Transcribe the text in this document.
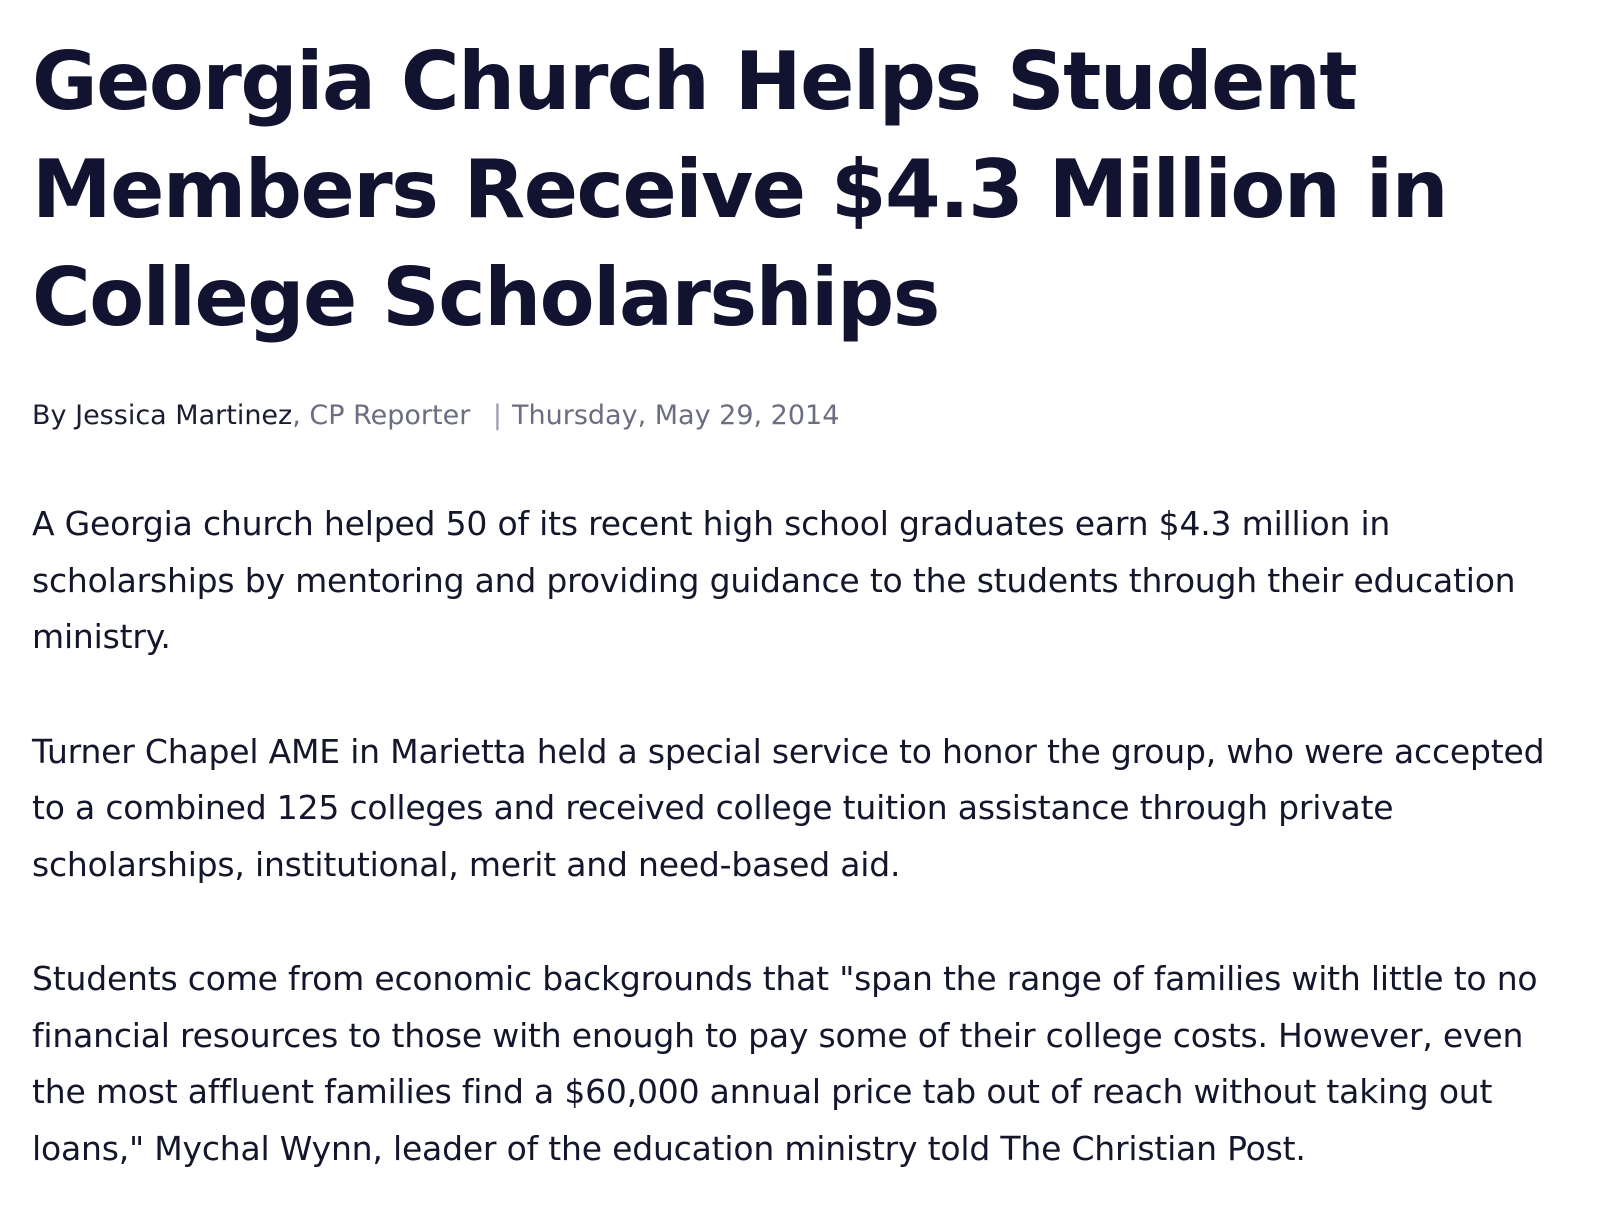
Georgia Church Helps Student Members Receive $4.3 Million in College Scholarships
By Jessica Martinez, CP Reporter | Thursday, May 29, 2014

A Georgia church helped 50 of its recent high school graduates earn $4.3 million in scholarships by mentoring and providing guidance to the students through their education ministry.

Turner Chapel AME in Marietta held a special service to honor the group, who were accepted to a combined 125 colleges and received college tuition assistance through private scholarships, institutional, merit and need-based aid.

Students come from economic backgrounds that "span the range of families with little to no financial resources to those with enough to pay some of their college costs. However, even the most affluent families find a $60,000 annual price tab out of reach without taking out loans," Mychal Wynn, leader of the education ministry told The Christian Post.
